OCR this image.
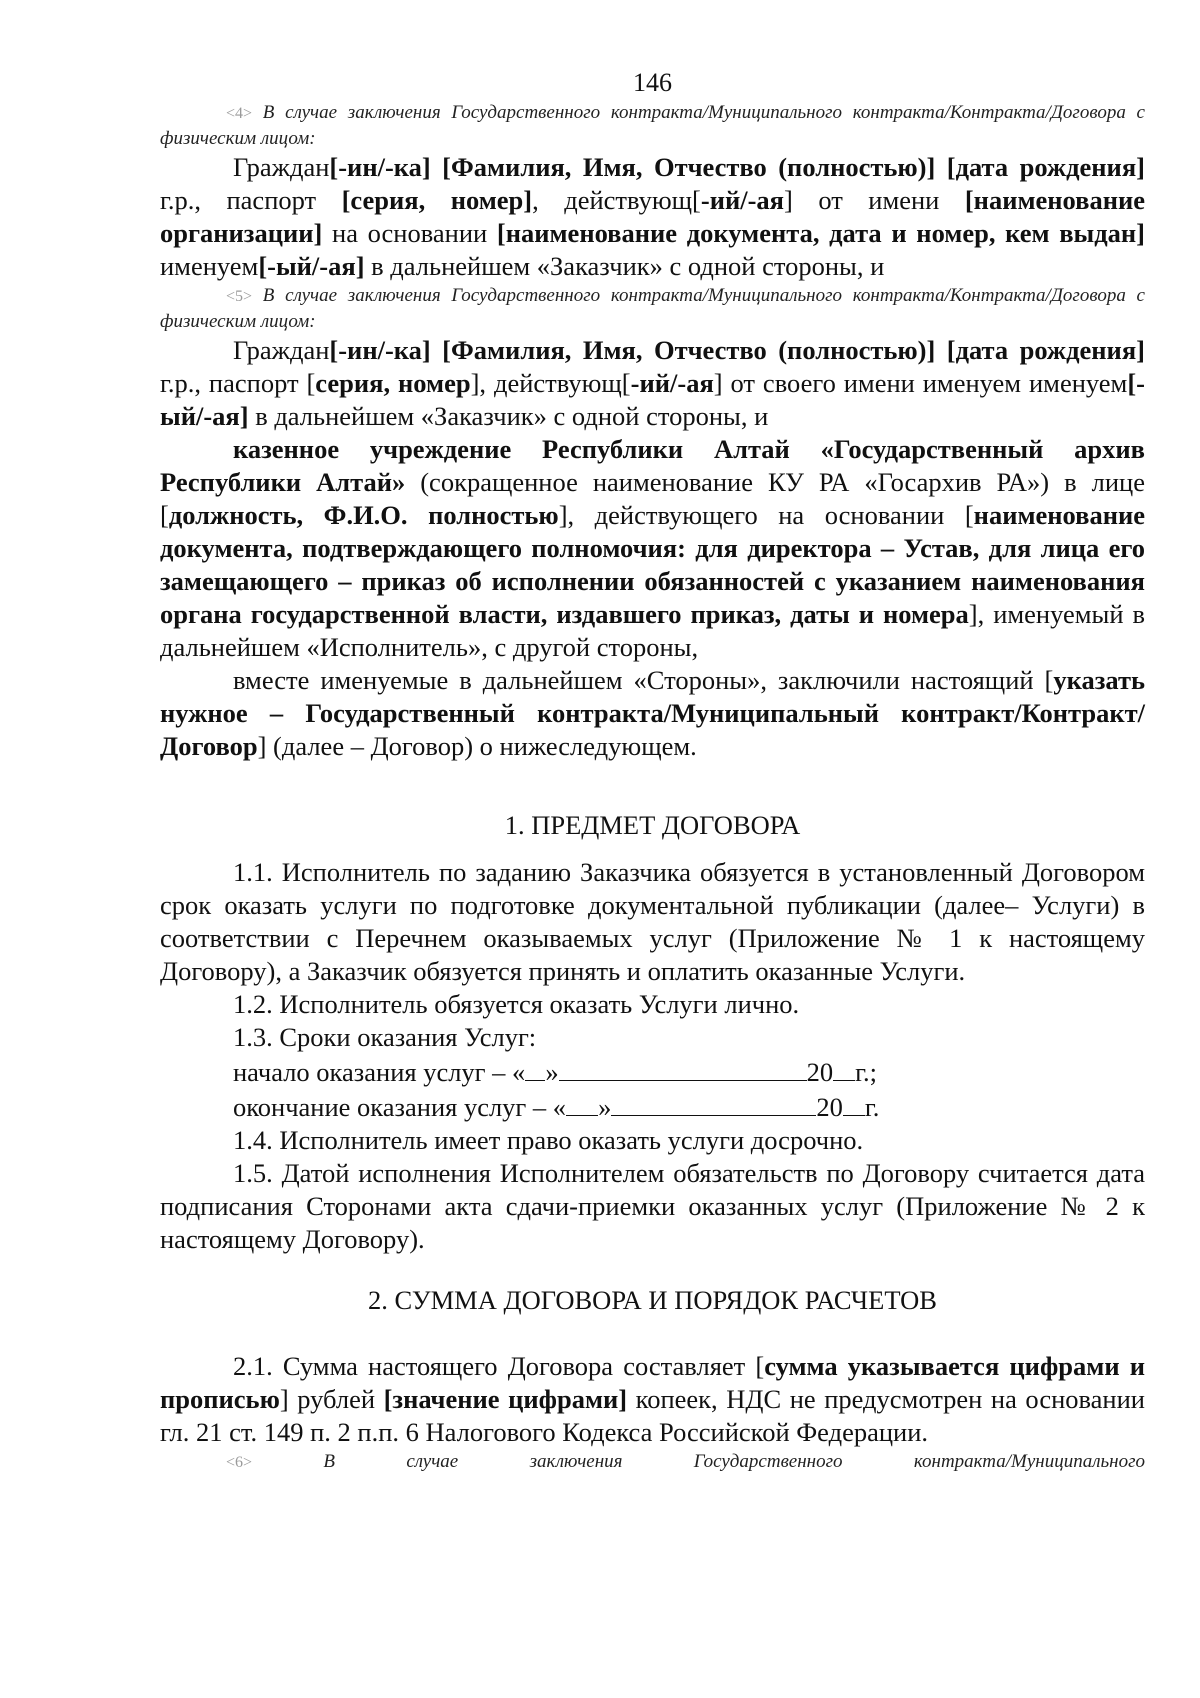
146

<4> В случае заключения Государственного контракта/Муниципального контракта/Контракта/Договора с физическим лицом:

Граждан[-ин/-ка] [Фамилия, Имя, Отчество (полностью)] [дата рождения] г.р., паспорт [серия, номер], действующ[-ий/-ая] от имени [наименование организации] на основании [наименование документа, дата и номер, кем выдан] именуем[-ый/-ая] в дальнейшем «Заказчик» с одной стороны, и

<5> В случае заключения Государственного контракта/Муниципального контракта/Контракта/Договора с физическим лицом:

Граждан[-ин/-ка] [Фамилия, Имя, Отчество (полностью)] [дата рождения] г.р., паспорт [серия, номер], действующ[-ий/-ая] от своего имени именуем именуем[-ый/-ая] в дальнейшем «Заказчик» с одной стороны, и

казенное учреждение Республики Алтай «Государственный архив Республики Алтай» (сокращенное наименование КУ РА «Госархив РА») в лице [должность, Ф.И.О. полностью], действующего на основании [наименование документа, подтверждающего полномочия: для директора – Устав, для лица его замещающего – приказ об исполнении обязанностей с указанием наименования органа государственной власти, издавшего приказ, даты и номера], именуемый в дальнейшем «Исполнитель», с другой стороны,

вместе именуемые в дальнейшем «Стороны», заключили настоящий [указать нужное – Государственный контракта/Муниципальный контракт/Контракт/Договор] (далее – Договор) о нижеследующем.

1. ПРЕДМЕТ ДОГОВОРА

1.1. Исполнитель по заданию Заказчика обязуется в установленный Договором срок оказать услуги по подготовке документальной публикации (далее– Услуги) в соответствии с Перечнем оказываемых услуг (Приложение № 1 к настоящему Договору), а Заказчик обязуется принять и оплатить оказанные Услуги.

1.2. Исполнитель обязуется оказать Услуги лично.

1.3. Сроки оказания Услуг:

начало оказания услуг – « »	20 г.;

окончание оказания услуг – « »	20 г.

1.4. Исполнитель имеет право оказать услуги досрочно.

1.5. Датой исполнения Исполнителем обязательств по Договору считается дата подписания Сторонами акта сдачи-приемки оказанных услуг (Приложение № 2 к настоящему Договору).

2. СУММА ДОГОВОРА И ПОРЯДОК РАСЧЕТОВ

2.1. Сумма настоящего Договора составляет [сумма указывается цифрами и прописью] рублей [значение цифрами] копеек, НДС не предусмотрен на основании гл. 21 ст. 149 п. 2 п.п. 6 Налогового Кодекса Российской Федерации.

<6> В случае заключения Государственного контракта/Муниципального
